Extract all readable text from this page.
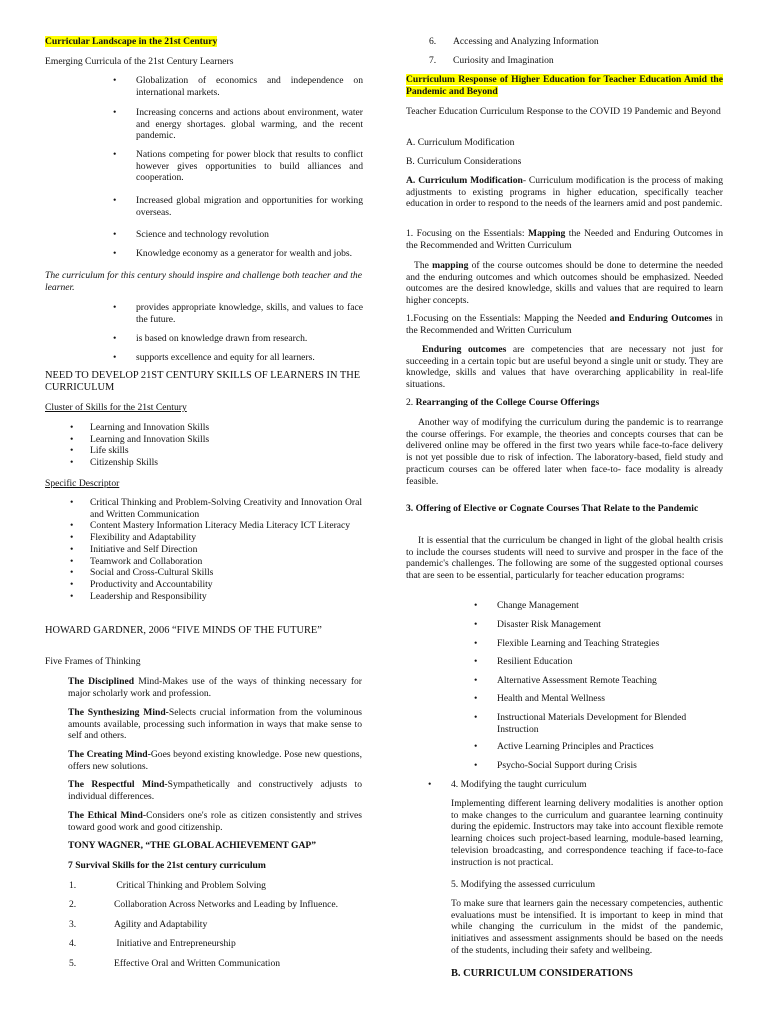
Curricular Landscape in the 21st Century

Emerging Curricula of the 21st Century Learners

• Globalization of economics and independence on international markets.
• Increasing concerns and actions about environment, water and energy shortages. global warming, and the recent pandemic.
• Nations competing for power block that results to conflict however gives opportunities to build alliances and cooperation.
• Increased global migration and opportunities for working overseas.
• Science and technology revolution
• Knowledge economy as a generator for wealth and jobs.

The curriculum for this century should inspire and challenge both teacher and the learner.

• provides appropriate knowledge, skills, and values to face the future.
• is based on knowledge drawn from research.
• supports excellence and equity for all learners.

NEED TO DEVELOP 21ST CENTURY SKILLS OF LEARNERS IN THE CURRICULUM

Cluster of Skills for the 21st Century

• Learning and Innovation Skills
• Learning and Innovation Skills
• Life skills
• Citizenship Skills

Specific Descriptor

• Critical Thinking and Problem-Solving Creativity and Innovation Oral and Written Communication
• Content Mastery Information Literacy Media Literacy ICT Literacy
• Flexibility and Adaptability
• Initiative and Self Direction
• Teamwork and Collaboration
• Social and Cross-Cultural Skills
• Productivity and Accountability
• Leadership and Responsibility

HOWARD GARDNER, 2006 “FIVE MINDS OF THE FUTURE”

Five Frames of Thinking

The Disciplined Mind-Makes use of the ways of thinking necessary for major scholarly work and profession.

The Synthesizing Mind-Selects crucial information from the voluminous amounts available, processing such information in ways that make sense to self and others.

The Creating Mind-Goes beyond existing knowledge. Pose new questions, offers new solutions.

The Respectful Mind-Sympathetically and constructively adjusts to individual differences.

The Ethical Mind-Considers one's role as citizen consistently and strives toward good work and good citizenship.

TONY WAGNER, “THE GLOBAL ACHIEVEMENT GAP”

7 Survival Skills for the 21st century curriculum

1.	Critical Thinking and Problem Solving
2.	Collaboration Across Networks and Leading by Influence.
3.	Agility and Adaptability
4.	Initiative and Entrepreneurship
5.	Effective Oral and Written Communication
6. Accessing and Analyzing Information
7. Curiosity and Imagination

Curriculum Response of Higher Education for Teacher Education Amid the Pandemic and Beyond

Teacher Education Curriculum Response to the COVID 19 Pandemic and Beyond

A. Curriculum Modification

B. Curriculum Considerations

A. Curriculum Modification- Curriculum modification is the process of making adjustments to existing programs in higher education, specifically teacher education in order to respond to the needs of the learners amid and post pandemic.

1. Focusing on the Essentials: Mapping the Needed and Enduring Outcomes in the Recommended and Written Curriculum

The mapping of the course outcomes should be done to determine the needed and the enduring outcomes and which outcomes should be emphasized. Needed outcomes are the desired knowledge, skills and values that are required to learn higher concepts.

1.Focusing on the Essentials: Mapping the Needed and Enduring Outcomes in the Recommended and Written Curriculum

Enduring outcomes are competencies that are necessary not just for succeeding in a certain topic but are useful beyond a single unit or study. They are knowledge, skills and values that have overarching applicability in real-life situations.

2. Rearranging of the College Course Offerings

Another way of modifying the curriculum during the pandemic is to rearrange the course offerings. For example, the theories and concepts courses that can be delivered online may be offered in the first two years while face-to-face delivery is not yet possible due to risk of infection. The laboratory-based, field study and practicum courses can be offered later when face-to- face modality is already feasible.

3. Offering of Elective or Cognate Courses That Relate to the Pandemic

It is essential that the curriculum be changed in light of the global health crisis to include the courses students will need to survive and prosper in the face of the pandemic's challenges. The following are some of the suggested optional courses that are seen to be essential, particularly for teacher education programs:

• Change Management
• Disaster Risk Management
• Flexible Learning and Teaching Strategies
• Resilient Education
• Alternative Assessment Remote Teaching
• Health and Mental Wellness
• Instructional Materials Development for Blended Instruction
• Active Learning Principles and Practices
• Psycho-Social Support during Crisis
• 4. Modifying the taught curriculum

Implementing different learning delivery modalities is another option to make changes to the curriculum and guarantee learning continuity during the epidemic. Instructors may take into account flexible remote learning choices such project-based learning, module-based learning, television broadcasting, and correspondence teaching if face-to-face instruction is not practical.

5. Modifying the assessed curriculum

To make sure that learners gain the necessary competencies, authentic evaluations must be intensified. It is important to keep in mind that while changing the curriculum in the midst of the pandemic, initiatives and assessment assignments should be based on the needs of the students, including their safety and wellbeing.

B. CURRICULUM CONSIDERATIONS
